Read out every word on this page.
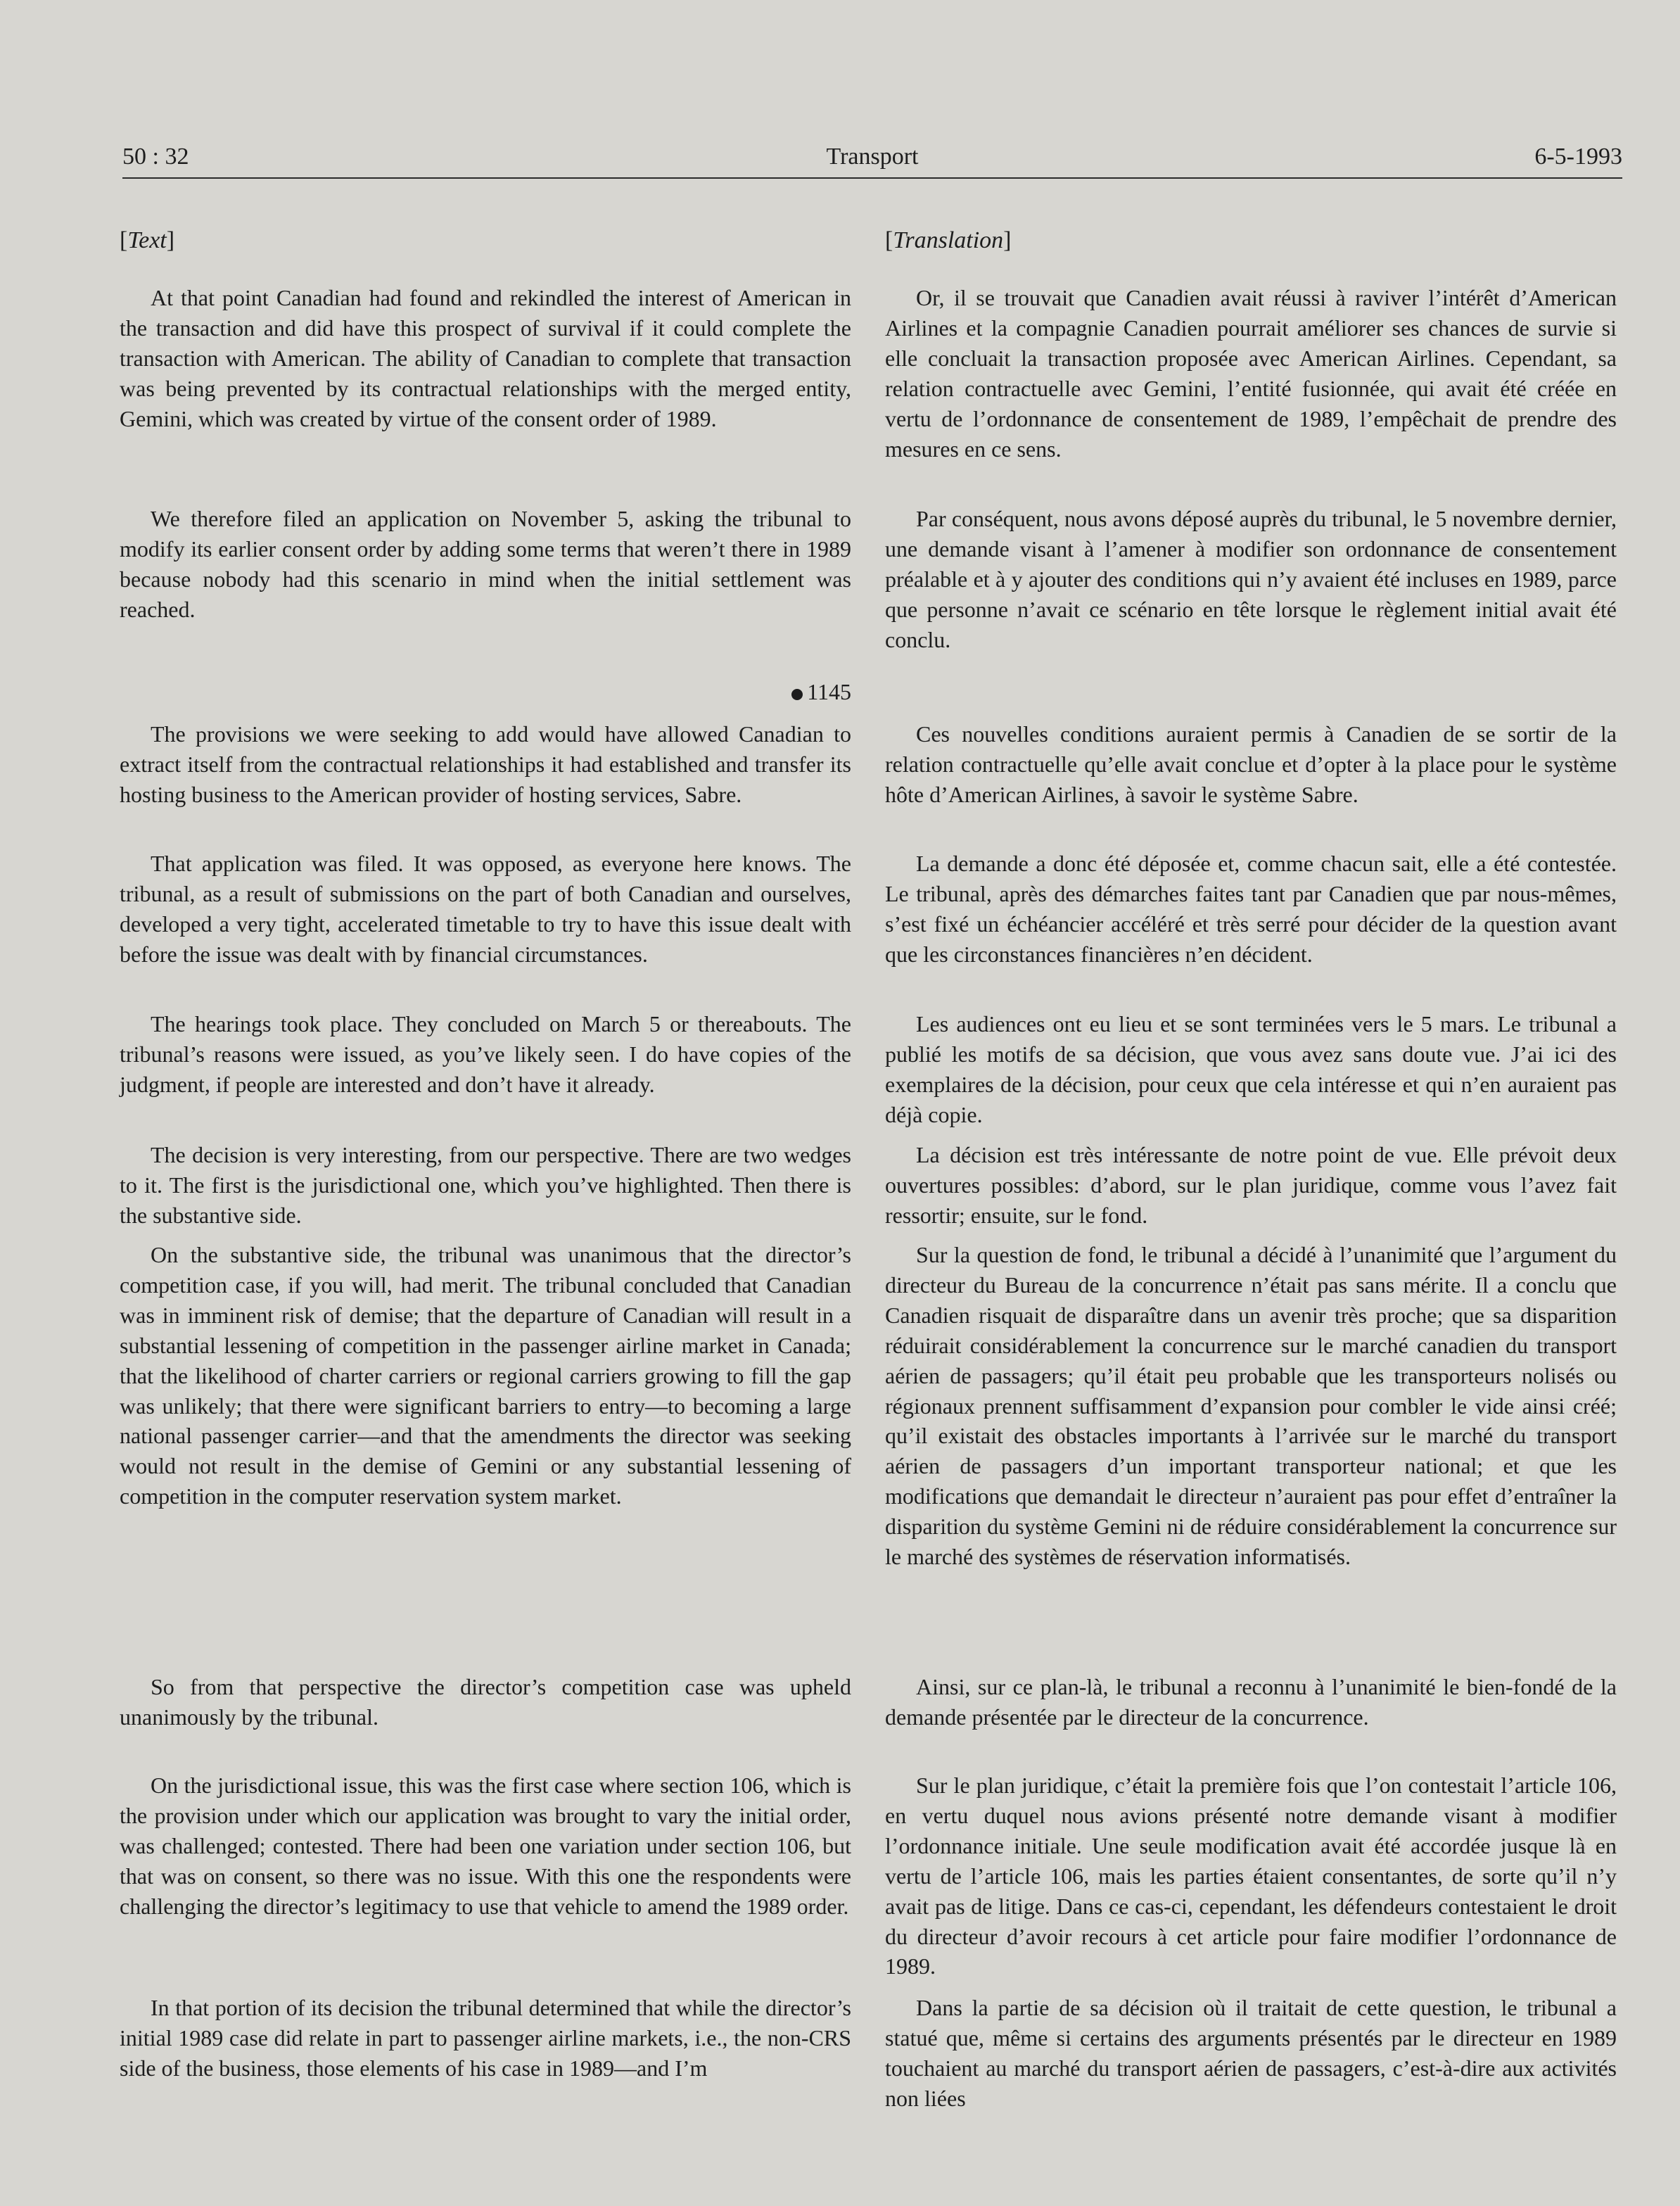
50 : 32	Transport	6-5-1993
[Text]

At that point Canadian had found and rekindled the interest of American in the transaction and did have this prospect of survival if it could complete the transaction with American. The ability of Canadian to complete that transaction was being prevented by its contractual relationships with the merged entity, Gemini, which was created by virtue of the consent order of 1989.

We therefore filed an application on November 5, asking the tribunal to modify its earlier consent order by adding some terms that weren’t there in 1989 because nobody had this scenario in mind when the initial settlement was reached.

1145

The provisions we were seeking to add would have allowed Canadian to extract itself from the contractual relationships it had established and transfer its hosting business to the American provider of hosting services, Sabre.

That application was filed. It was opposed, as everyone here knows. The tribunal, as a result of submissions on the part of both Canadian and ourselves, developed a very tight, accelerated timetable to try to have this issue dealt with before the issue was dealt with by financial circumstances.

The hearings took place. They concluded on March 5 or thereabouts. The tribunal’s reasons were issued, as you’ve likely seen. I do have copies of the judgment, if people are interested and don’t have it already.

The decision is very interesting, from our perspective. There are two wedges to it. The first is the jurisdictional one, which you’ve highlighted. Then there is the substantive side.

On the substantive side, the tribunal was unanimous that the director’s competition case, if you will, had merit. The tribunal concluded that Canadian was in imminent risk of demise; that the departure of Canadian will result in a substantial lessening of competition in the passenger airline market in Canada; that the likelihood of charter carriers or regional carriers growing to fill the gap was unlikely; that there were significant barriers to entry—to becoming a large national passenger carrier—and that the amendments the director was seeking would not result in the demise of Gemini or any substantial lessening of competition in the computer reservation system market.

So from that perspective the director’s competition case was upheld unanimously by the tribunal.

On the jurisdictional issue, this was the first case where section 106, which is the provision under which our application was brought to vary the initial order, was challenged; contested. There had been one variation under section 106, but that was on consent, so there was no issue. With this one the respondents were challenging the director’s legitimacy to use that vehicle to amend the 1989 order.

In that portion of its decision the tribunal determined that while the director’s initial 1989 case did relate in part to passenger airline markets, i.e., the non-CRS side of the business, those elements of his case in 1989—and I’m

[Translation]

Or, il se trouvait que Canadien avait réussi à raviver l’intérêt d’American Airlines et la compagnie Canadien pourrait améliorer ses chances de survie si elle concluait la transaction proposée avec American Airlines. Cependant, sa relation contractuelle avec Gemini, l’entité fusionnée, qui avait été créée en vertu de l’ordonnance de consentement de 1989, l’empêchait de prendre des mesures en ce sens.

Par conséquent, nous avons déposé auprès du tribunal, le 5 novembre dernier, une demande visant à l’amener à modifier son ordonnance de consentement préalable et à y ajouter des conditions qui n’y avaient été incluses en 1989, parce que personne n’avait ce scénario en tête lorsque le règlement initial avait été conclu.

Ces nouvelles conditions auraient permis à Canadien de se sortir de la relation contractuelle qu’elle avait conclue et d’opter à la place pour le système hôte d’American Airlines, à savoir le système Sabre.

La demande a donc été déposée et, comme chacun sait, elle a été contestée. Le tribunal, après des démarches faites tant par Canadien que par nous-mêmes, s’est fixé un échéancier accéléré et très serré pour décider de la question avant que les circonstances financières n’en décident.

Les audiences ont eu lieu et se sont terminées vers le 5 mars. Le tribunal a publié les motifs de sa décision, que vous avez sans doute vue. J’ai ici des exemplaires de la décision, pour ceux que cela intéresse et qui n’en auraient pas déjà copie.

La décision est très intéressante de notre point de vue. Elle prévoit deux ouvertures possibles: d’abord, sur le plan juridique, comme vous l’avez fait ressortir; ensuite, sur le fond.

Sur la question de fond, le tribunal a décidé à l’unanimité que l’argument du directeur du Bureau de la concurrence n’était pas sans mérite. Il a conclu que Canadien risquait de disparaître dans un avenir très proche; que sa disparition réduirait considérablement la concurrence sur le marché canadien du transport aérien de passagers; qu’il était peu probable que les transporteurs nolisés ou régionaux prennent suffisamment d’expansion pour combler le vide ainsi créé; qu’il existait des obstacles importants à l’arrivée sur le marché du transport aérien de passagers d’un important transporteur national; et que les modifications que demandait le directeur n’auraient pas pour effet d’entraîner la disparition du système Gemini ni de réduire considérablement la concurrence sur le marché des systèmes de réservation informatisés.

Ainsi, sur ce plan-là, le tribunal a reconnu à l’unanimité le bien-fondé de la demande présentée par le directeur de la concurrence.

Sur le plan juridique, c’était la première fois que l’on contestait l’article 106, en vertu duquel nous avions présenté notre demande visant à modifier l’ordonnance initiale. Une seule modification avait été accordée jusque là en vertu de l’article 106, mais les parties étaient consentantes, de sorte qu’il n’y avait pas de litige. Dans ce cas-ci, cependant, les défendeurs contestaient le droit du directeur d’avoir recours à cet article pour faire modifier l’ordonnance de 1989.

Dans la partie de sa décision où il traitait de cette question, le tribunal a statué que, même si certains des arguments présentés par le directeur en 1989 touchaient au marché du transport aérien de passagers, c’est-à-dire aux activités non liées
